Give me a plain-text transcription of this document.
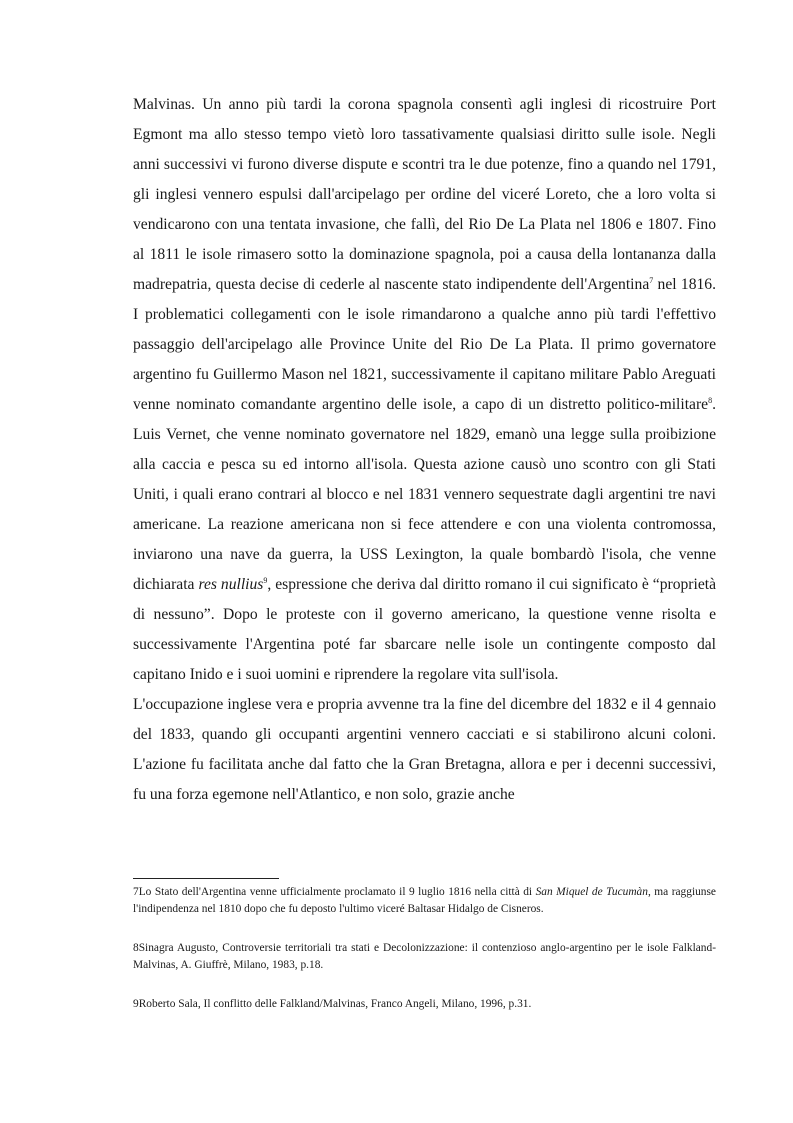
Malvinas. Un anno più tardi la corona spagnola consentì agli inglesi di ricostruire Port Egmont ma allo stesso tempo vietò loro tassativamente qualsiasi diritto sulle isole. Negli anni successivi vi furono diverse dispute e scontri tra le due potenze, fino a quando nel 1791, gli inglesi vennero espulsi dall'arcipelago per ordine del viceré Loreto, che a loro volta si vendicarono con una tentata invasione, che fallì, del Rio De La Plata nel 1806 e 1807. Fino al 1811 le isole rimasero sotto la dominazione spagnola, poi a causa della lontananza dalla madrepatria, questa decise di cederle al nascente stato indipendente dell'Argentina$^7$ nel 1816. I problematici collegamenti con le isole rimandarono a qualche anno più tardi l'effettivo passaggio dell'arcipelago alle Province Unite del Rio De La Plata. Il primo governatore argentino fu Guillermo Mason nel 1821, successivamente il capitano militare Pablo Areguati venne nominato comandante argentino delle isole, a capo di un distretto politico-militare$^8$. Luis Vernet, che venne nominato governatore nel 1829, emanò una legge sulla proibizione alla caccia e pesca su ed intorno all'isola. Questa azione causò uno scontro con gli Stati Uniti, i quali erano contrari al blocco e nel 1831 vennero sequestrate dagli argentini tre navi americane. La reazione americana non si fece attendere e con una violenta contromossa, inviarono una nave da guerra, la USS Lexington, la quale bombardò l'isola, che venne dichiarata res nullius$^9$, espressione che deriva dal diritto romano il cui significato è “proprietà di nessuno”. Dopo le proteste con il governo americano, la questione venne risolta e successivamente l'Argentina poté far sbarcare nelle isole un contingente composto dal capitano Inido e i suoi uomini e riprendere la regolare vita sull'isola.

L'occupazione inglese vera e propria avvenne tra la fine del dicembre del 1832 e il 4 gennaio del 1833, quando gli occupanti argentini vennero cacciati e si stabilirono alcuni coloni. L'azione fu facilitata anche dal fatto che la Gran Bretagna, allora e per i decenni successivi, fu una forza egemone nell'Atlantico, e non solo, grazie anche

7Lo Stato dell'Argentina venne ufficialmente proclamato il 9 luglio 1816 nella città di San Miquel de Tucumàn, ma raggiunse l'indipendenza nel 1810 dopo che fu deposto l'ultimo viceré Baltasar Hidalgo de Cisneros.

8Sinagra Augusto, Controversie territoriali tra stati e Decolonizzazione: il contenzioso anglo-argentino per le isole Falkland-Malvinas, A. Giuffrè, Milano, 1983, p.18.

9Roberto Sala, Il conflitto delle Falkland/Malvinas, Franco Angeli, Milano, 1996, p.31.
